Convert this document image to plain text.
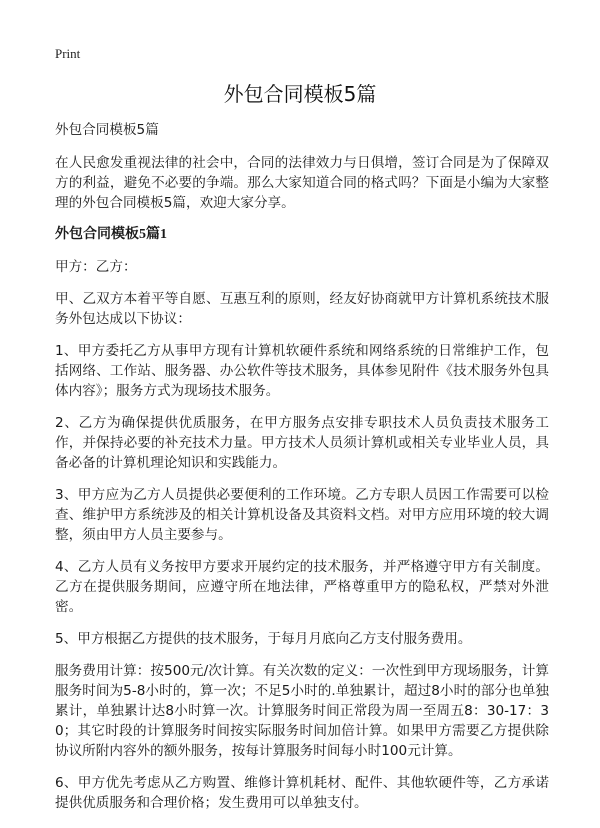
Print
外包合同模板5篇

外包合同模板5篇

在人民愈发重视法律的社会中，合同的法律效力与日俱增，签订合同是为了保障双方的利益，避免不必要的争端。那么大家知道合同的格式吗？下面是小编为大家整理的外包合同模板5篇，欢迎大家分享。

外包合同模板5篇1

甲方：乙方：

甲、乙双方本着平等自愿、互惠互利的原则，经友好协商就甲方计算机系统技术服务外包达成以下协议：

1、甲方委托乙方从事甲方现有计算机软硬件系统和网络系统的日常维护工作，包括网络、工作站、服务器、办公软件等技术服务，具体参见附件《技术服务外包具体内容》；服务方式为现场技术服务。

2、乙方为确保提供优质服务，在甲方服务点安排专职技术人员负责技术服务工作，并保持必要的补充技术力量。甲方技术人员须计算机或相关专业毕业人员，具备必备的计算机理论知识和实践能力。

3、甲方应为乙方人员提供必要便利的工作环境。乙方专职人员因工作需要可以检查、维护甲方系统涉及的相关计算机设备及其资料文档。对甲方应用环境的较大调整，须由甲方人员主要参与。

4、乙方人员有义务按甲方要求开展约定的技术服务，并严格遵守甲方有关制度。乙方在提供服务期间，应遵守所在地法律，严格尊重甲方的隐私权，严禁对外泄密。

5、甲方根据乙方提供的技术服务，于每月月底向乙方支付服务费用。

服务费用计算：按500元/次计算。有关次数的定义：一次性到甲方现场服务，计算服务时间为5-8小时的，算一次；不足5小时的.单独累计，超过8小时的部分也单独累计，单独累计达8小时算一次。计算服务时间正常段为周一至周五8：30-17：30；其它时段的计算服务时间按实际服务时间加倍计算。如果甲方需要乙方提供除协议所附内容外的额外服务，按每计算服务时间每小时100元计算。

6、甲方优先考虑从乙方购置、维修计算机耗材、配件、其他软硬件等，乙方承诺提供优质服务和合理价格；发生费用可以单独支付。
